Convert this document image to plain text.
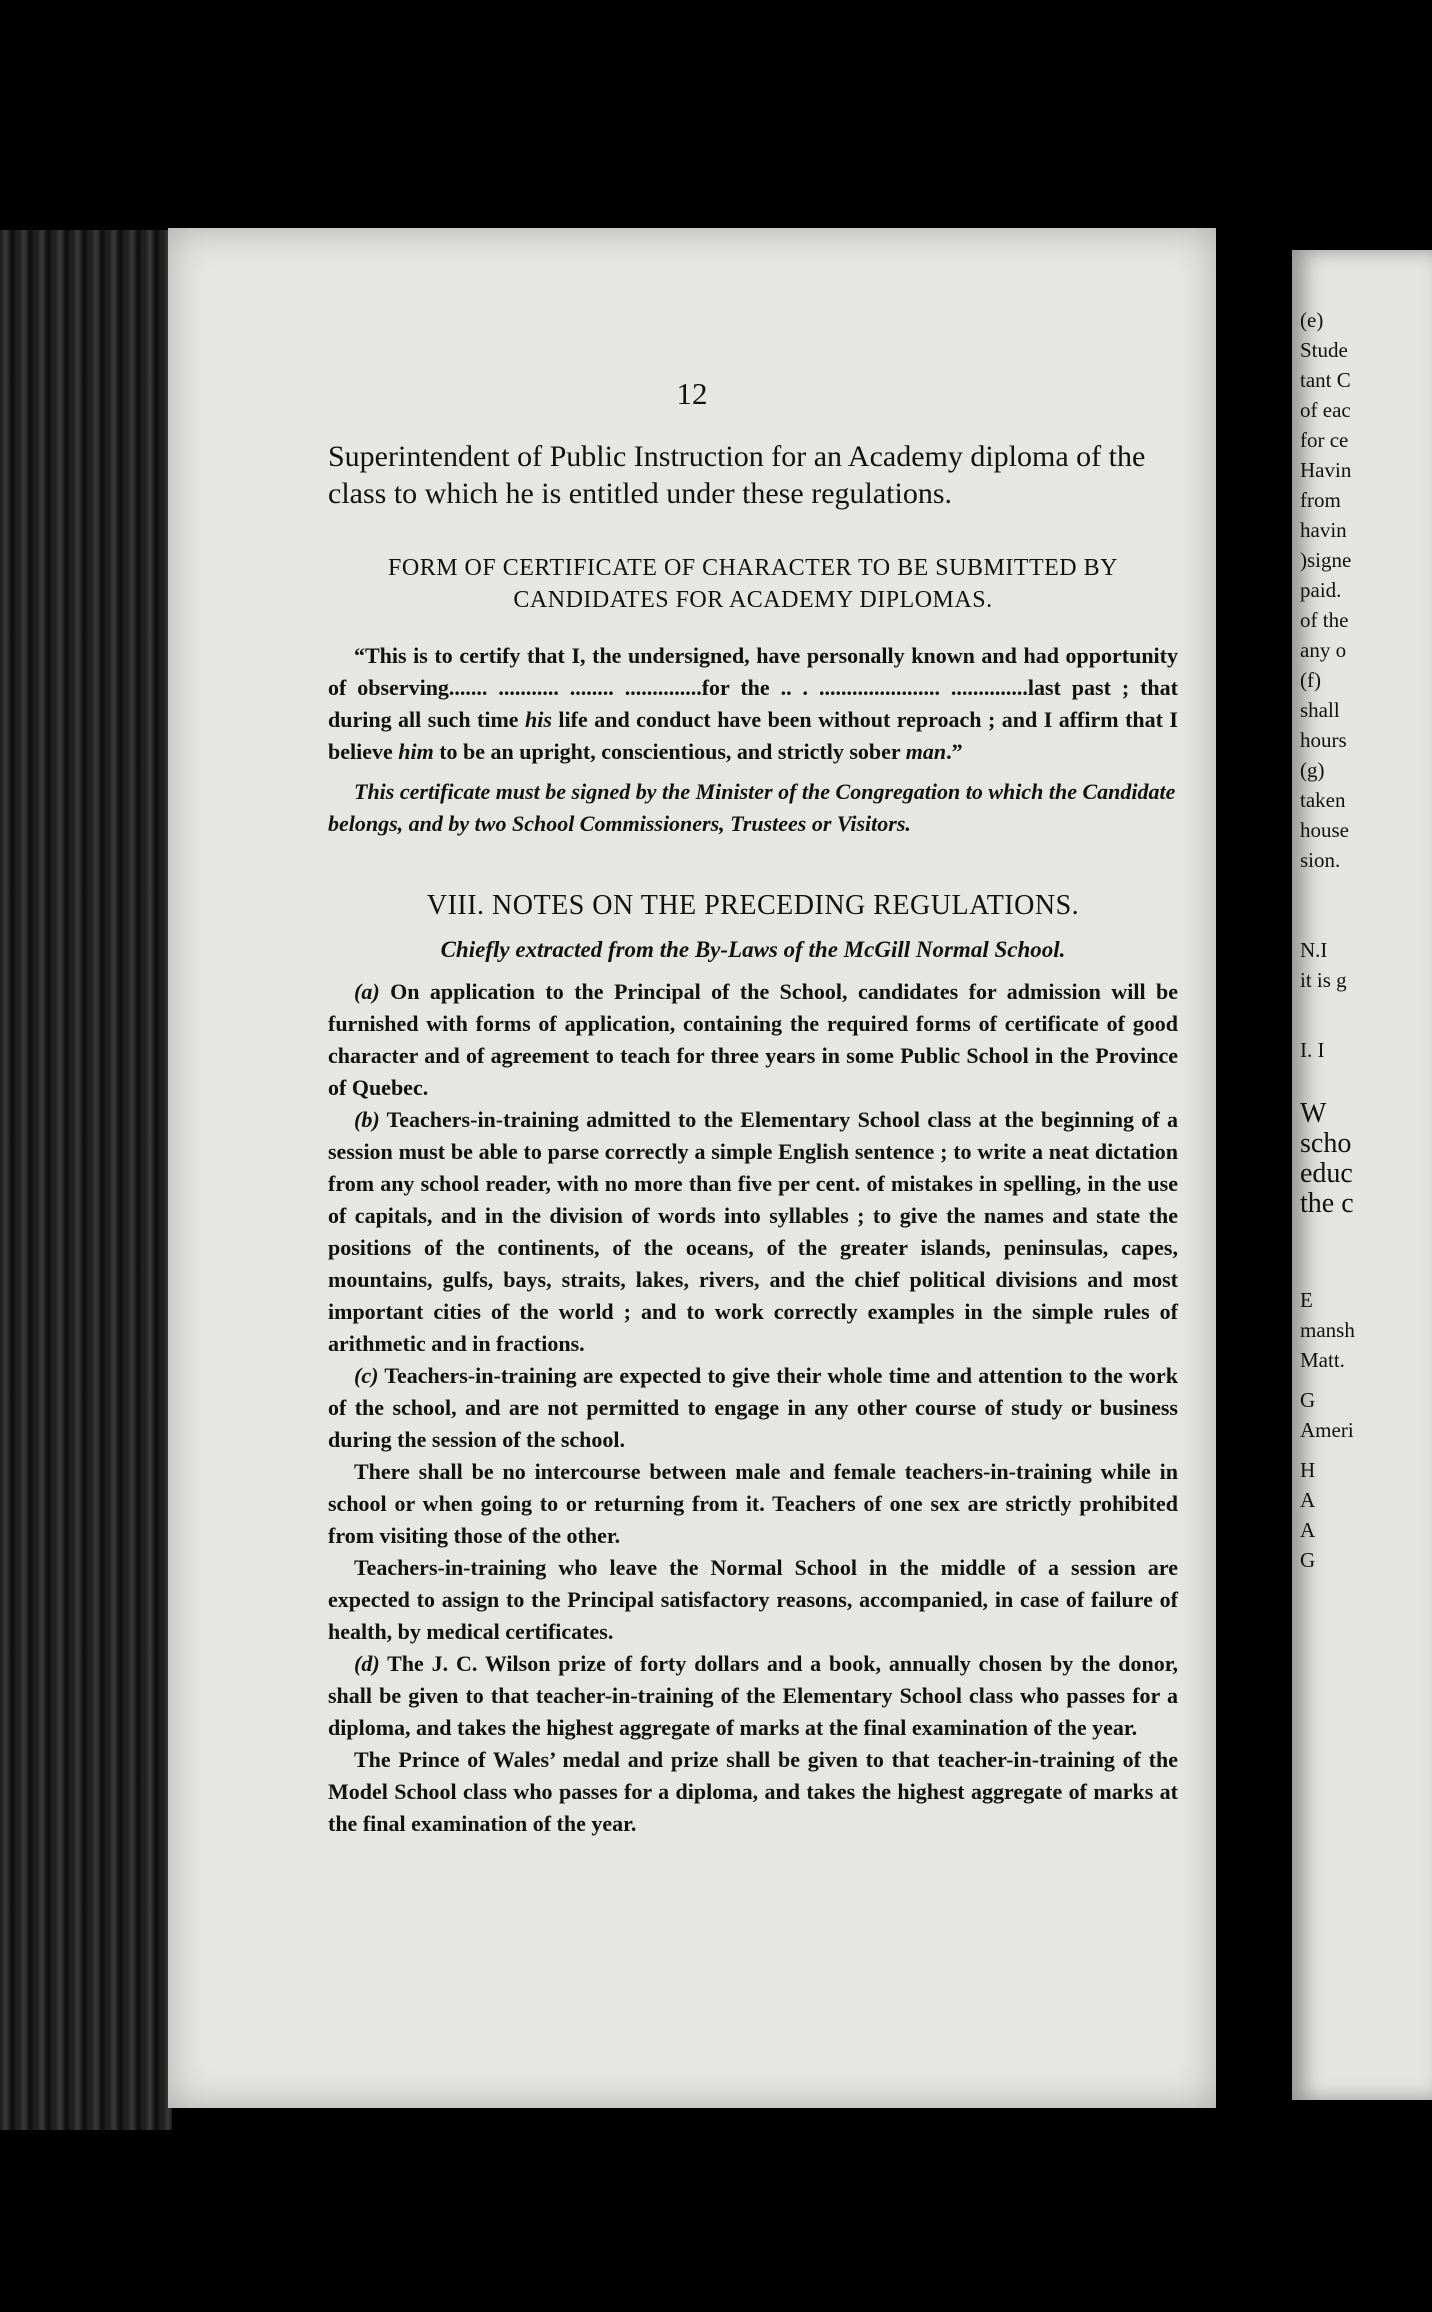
12

Superintendent of Public Instruction for an Academy diploma of the class to which he is entitled under these regulations.

FORM OF CERTIFICATE OF CHARACTER TO BE SUBMITTED BY CANDIDATES FOR ACADEMY DIPLOMAS.

“This is to certify that I, the undersigned, have personally known and had opportunity of observing....... ........... ........ ..............for the .. . ...................... ..............last past ; that during all such time his life and conduct have been without reproach ; and I affirm that I believe him to be an upright, conscientious, and strictly sober man.”

This certificate must be signed by the Minister of the Congregation to which the Candidate belongs, and by two School Commissioners, Trustees or Visitors.

VIII. NOTES ON THE PRECEDING REGULATIONS.
Chiefly extracted from the By-Laws of the McGill Normal School.

(a) On application to the Principal of the School, candidates for admission will be furnished with forms of application, containing the required forms of certificate of good character and of agreement to teach for three years in some Public School in the Province of Quebec.

(b) Teachers-in-training admitted to the Elementary School class at the beginning of a session must be able to parse correctly a simple English sentence ; to write a neat dictation from any school reader, with no more than five per cent. of mistakes in spelling, in the use of capitals, and in the division of words into syllables ; to give the names and state the positions of the continents, of the oceans, of the greater islands, peninsulas, capes, mountains, gulfs, bays, straits, lakes, rivers, and the chief political divisions and most important cities of the world ; and to work correctly examples in the simple rules of arithmetic and in fractions.

(c) Teachers-in-training are expected to give their whole time and attention to the work of the school, and are not permitted to engage in any other course of study or business during the session of the school.

There shall be no intercourse between male and female teachers-in-training while in school or when going to or returning from it. Teachers of one sex are strictly prohibited from visiting those of the other.

Teachers-in-training who leave the Normal School in the middle of a session are expected to assign to the Principal satisfactory reasons, accompanied, in case of failure of health, by medical certificates.

(d) The J. C. Wilson prize of forty dollars and a book, annually chosen by the donor, shall be given to that teacher-in-training of the Elementary School class who passes for a diploma, and takes the highest aggregate of marks at the final examination of the year.

The Prince of Wales’ medal and prize shall be given to that teacher-in-training of the Model School class who passes for a diploma, and takes the highest aggregate of marks at the final examination of the year.

(e)
Stude
tant C
of eac
for ce
Havin
from
havin
)signe
paid.
of the
any o
(f)
shall
hours
(g)
taken
house
sion.
N.I
it is g
I. I
W
scho
educ
the c
E
mansh
Matt.
G
Ameri
H
A
A
G
